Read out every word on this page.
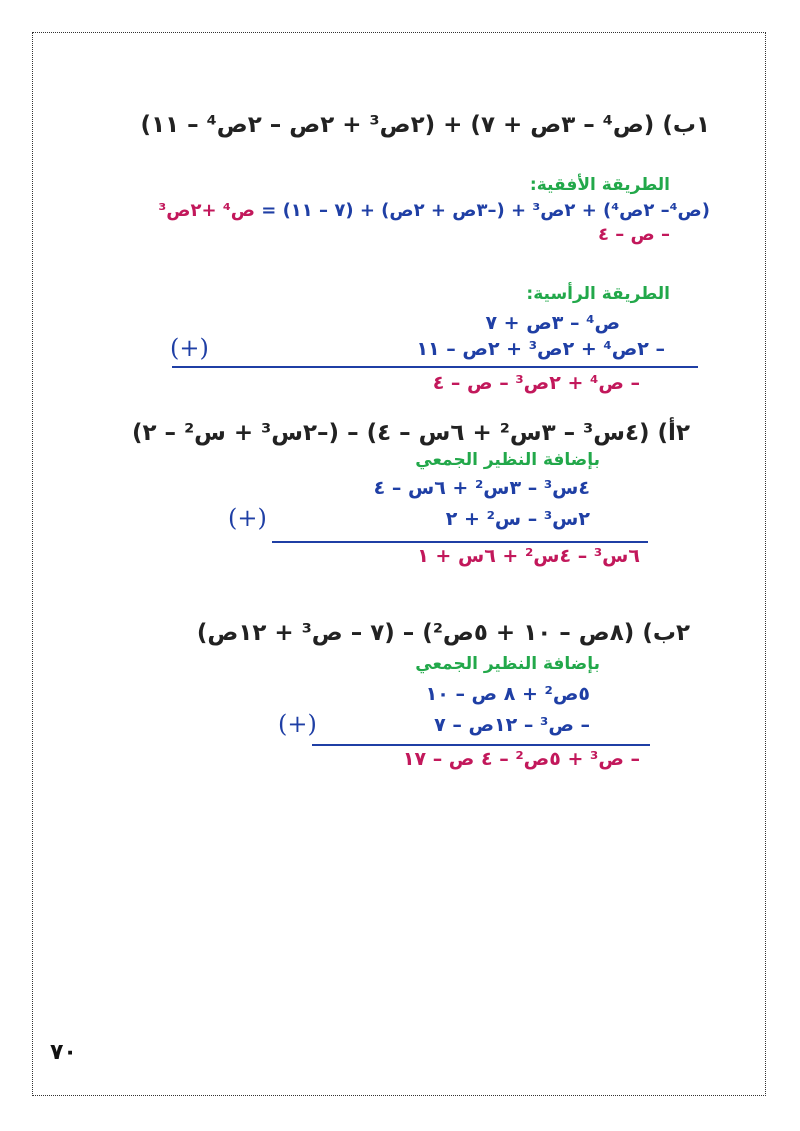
١ب) (ص⁴ – ٣ص + ٧) + (٢ص³ + ٢ص – ٢ص⁴ – ١١)
الطريقة الأفقية:
(ص⁴– ٢ص⁴) + ٢ص³ + (–٣ص + ٢ص) + (٧ – ١١) = ص⁴ +٢ص³
– ص – ٤
الطريقة الرأسية:
ص⁴ – ٣ص + ٧
– ٢ص⁴ + ٢ص³ + ٢ص – ١١
(+)
– ص⁴ + ٢ص³ – ص – ٤
٢أ) (٤س³ – ٣س² + ٦س – ٤) – (–٢س³ + س² – ٢)
بإضافة النظير الجمعي
٤س³ – ٣س² + ٦س – ٤
٢س³ – س² + ٢
(+)
٦س³ – ٤س² + ٦س + ١
٢ب) (٨ص – ١٠ + ٥ص²) – (٧ – ص³ + ١٢ص)
بإضافة النظير الجمعي
٥ص² + ٨ ص – ١٠
– ص³ – ١٢ص – ٧
(+)
– ص³ + ٥ص² – ٤ ص – ١٧
٧٠
